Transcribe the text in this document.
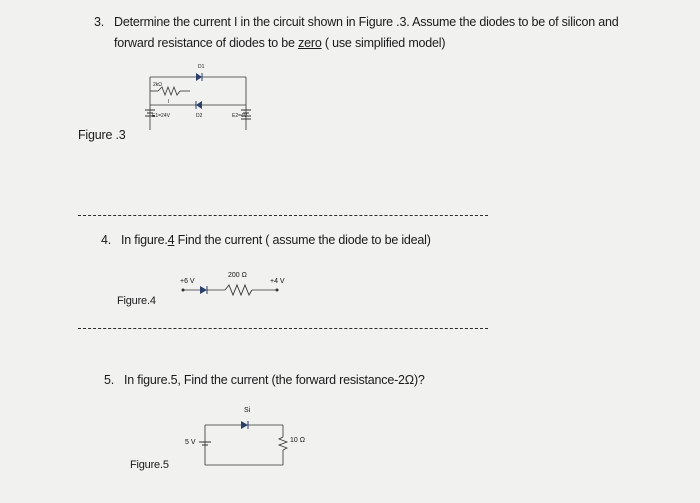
3. Determine the current I in the circuit shown in Figure .3. Assume the diodes to be of silicon and
forward resistance of diodes to be zero ( use simplified model)
Figure .3
D1
2kΩ
I
E1=24V	D2	E2=4V
4. In figure.4 Find the current ( assume the diode to be ideal)
Figure.4
+6 V
200 Ω
+4 V
5. In figure.5, Find the current (the forward resistance-2Ω)?
Figure.5
Si
5 V	10 Ω
